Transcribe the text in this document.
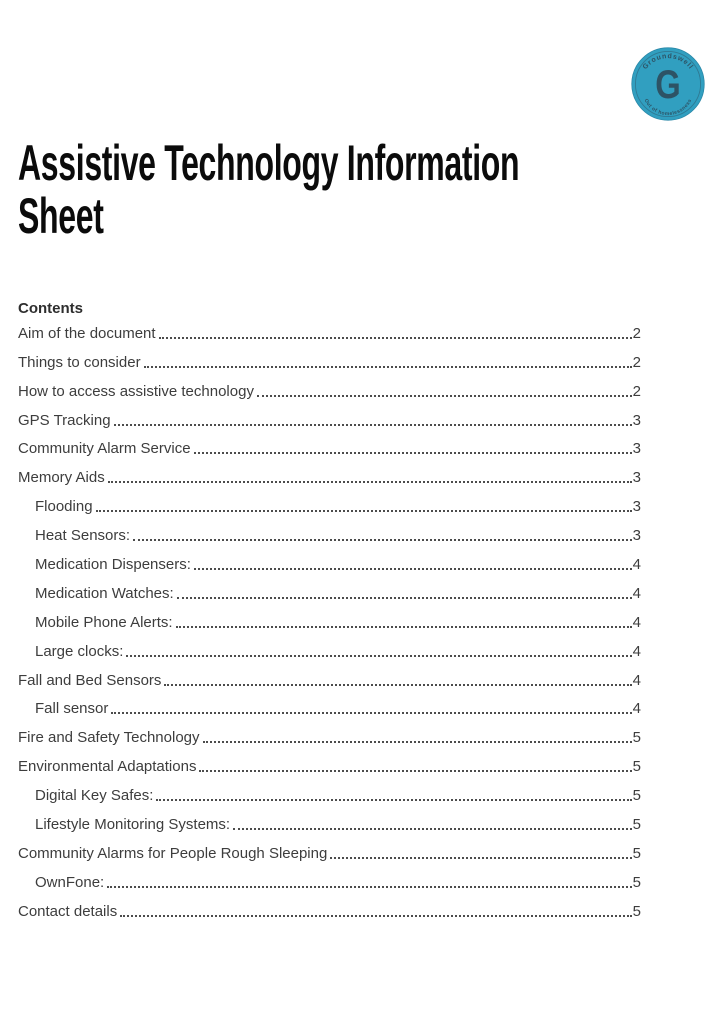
Groundswell
Out of homelessness
G
Assistive Technology Information
Sheet
Contents
Aim of the document	2
Things to consider	2
How to access assistive technology	2
GPS Tracking	3
Community Alarm Service	3
Memory Aids	3
Flooding	3
Heat Sensors:	3
Medication Dispensers:	4
Medication Watches:	4
Mobile Phone Alerts:	4
Large clocks:	4
Fall and Bed Sensors	4
Fall sensor	4
Fire and Safety Technology	5
Environmental Adaptations	5
Digital Key Safes:	5
Lifestyle Monitoring Systems:	5
Community Alarms for People Rough Sleeping	5
OwnFone:	5
Contact details	5
